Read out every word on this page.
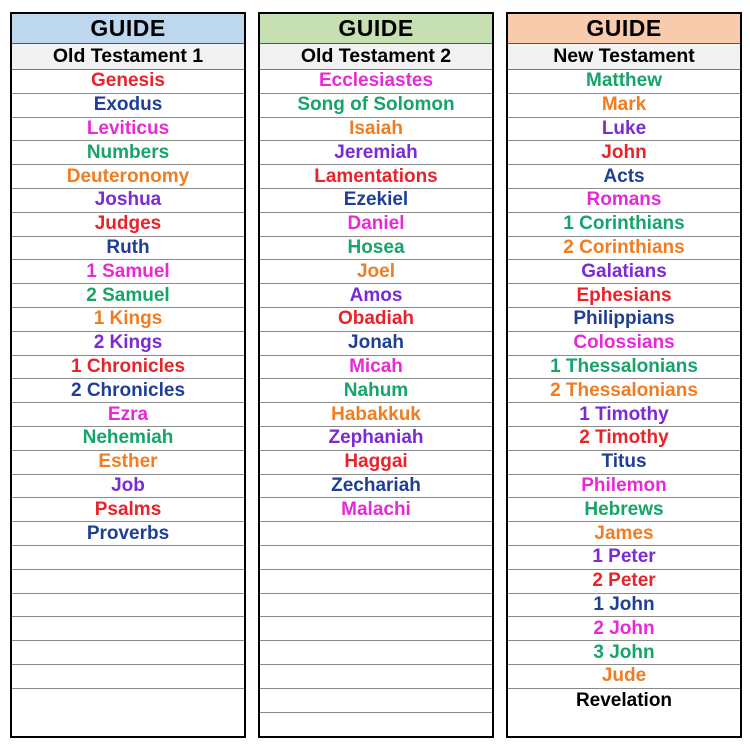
GUIDE
Old Testament 1
Genesis
Exodus
Leviticus
Numbers
Deuteronomy
Joshua
Judges
Ruth
1 Samuel
2 Samuel
1 Kings
2 Kings
1 Chronicles
2 Chronicles
Ezra
Nehemiah
Esther
Job
Psalms
Proverbs
GUIDE
Old Testament 2
Ecclesiastes
Song of Solomon
Isaiah
Jeremiah
Lamentations
Ezekiel
Daniel
Hosea
Joel
Amos
Obadiah
Jonah
Micah
Nahum
Habakkuk
Zephaniah
Haggai
Zechariah
Malachi
GUIDE
New Testament
Matthew
Mark
Luke
John
Acts
Romans
1 Corinthians
2 Corinthians
Galatians
Ephesians
Philippians
Colossians
1 Thessalonians
2 Thessalonians
1 Timothy
2 Timothy
Titus
Philemon
Hebrews
James
1 Peter
2 Peter
1 John
2 John
3 John
Jude
Revelation
